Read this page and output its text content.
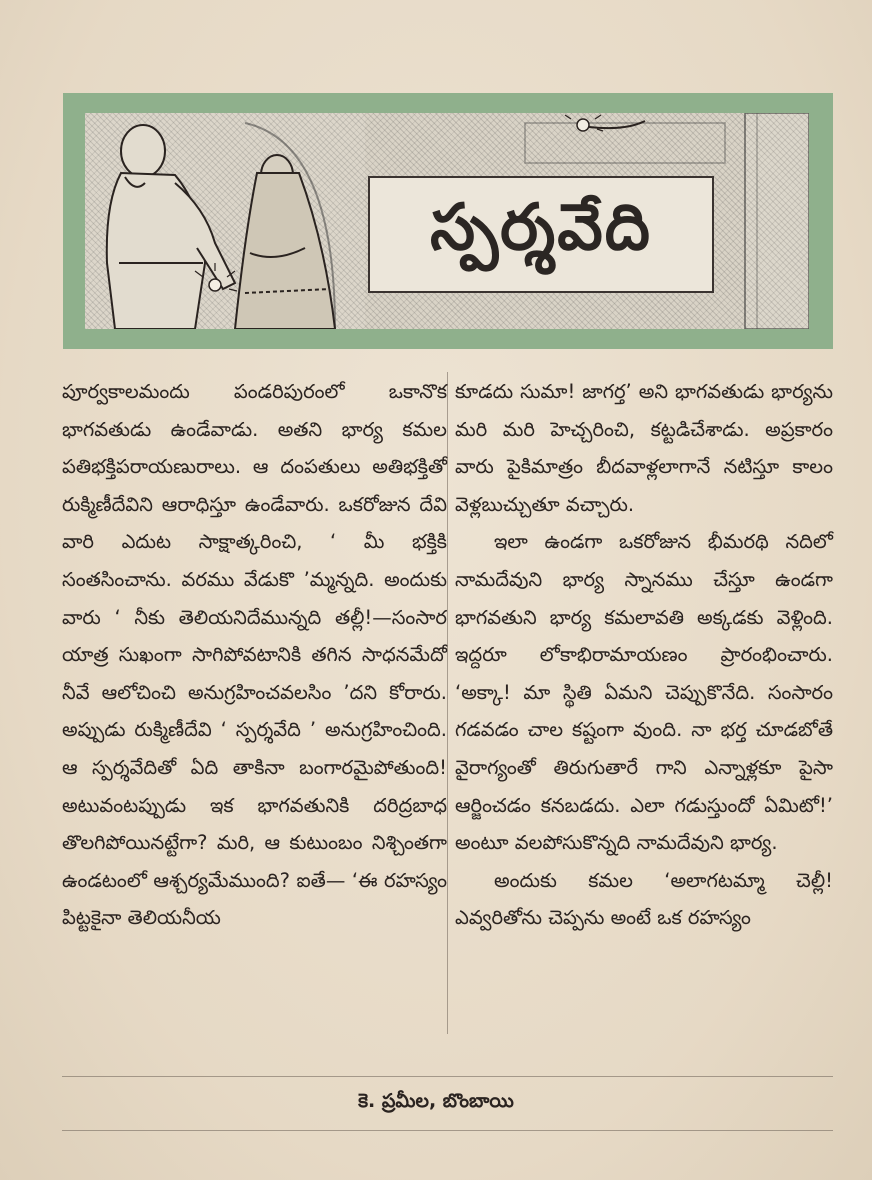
స్పర్శవేది

పూర్వకాలమందు పండరిపురంలో ఒకానొక భాగవతుడు ఉండేవాడు. అతని భార్య కమల పతిభక్తిపరాయణురాలు. ఆ దంపతులు అతిభక్తితో రుక్మిణీదేవిని ఆరాధిస్తూ ఉండేవారు. ఒకరోజున దేవి వారి ఎదుట సాక్షాత్కరించి, ‘ మీ భక్తికి సంతసించాను. వరము వేడుకొ ’మ్మన్నది. అందుకు వారు ‘ నీకు తెలియనిదేమున్నది తల్లీ!—సంసార యాత్ర సుఖంగా సాగిపోవటానికి తగిన సాధనమేదో నీవే ఆలోచించి అనుగ్రహించవలసిం ’దని కోరారు. అప్పుడు రుక్మిణీదేవి ‘ స్పర్శవేది ’ అనుగ్రహించింది. ఆ స్పర్శవేదితో ఏది తాకినా బంగారమైపోతుంది! అటువంటప్పుడు ఇక భాగవతునికి దరిద్రబాధ తొలగిపోయినట్టేగా? మరి, ఆ కుటుంబం నిశ్చింతగా ఉండటంలో ఆశ్చర్యమేముంది? ఐతే— ‘ఈ రహస్యం పిట్టకైనా తెలియనీయ

కూడదు సుమా! జాగర్త’ అని భాగవతుడు భార్యను మరి మరి హెచ్చరించి, కట్టడిచేశాడు. అప్రకారం వారు పైకిమాత్రం బీదవాళ్లలాగానే నటిస్తూ కాలం వెళ్లబుచ్చుతూ వచ్చారు.

ఇలా ఉండగా ఒకరోజున భీమరథి నదిలో నామదేవుని భార్య స్నానము చేస్తూ ఉండగా భాగవతుని భార్య కమలావతి అక్కడకు వెళ్లింది. ఇద్దరూ లోకాభిరామాయణం ప్రారంభించారు. ‘అక్కా! మా స్థితి ఏమని చెప్పుకొనేది. సంసారం గడవడం చాల కష్టంగా వుంది. నా భర్త చూడబోతే వైరాగ్యంతో తిరుగుతారే గాని ఎన్నాళ్లకూ పైసా ఆర్జించడం కనబడదు. ఎలా గడుస్తుందో ఏమిటో!’ అంటూ వలపోసుకొన్నది నామదేవుని భార్య.

అందుకు కమల ‘అలాగటమ్మా చెల్లీ! ఎవ్వరితోను చెప్పను అంటే ఒక రహస్యం

కె. ప్రమీల, బొంబాయి
